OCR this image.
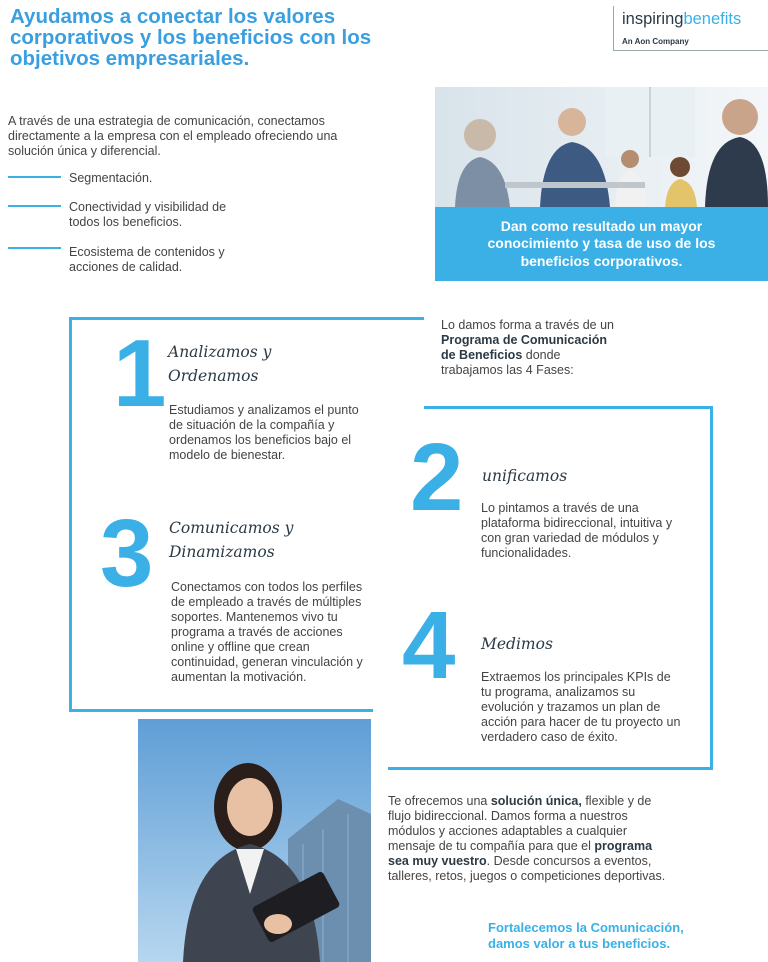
Ayudamos a conectar los valores corporativos y los beneficios con los objetivos empresariales.
inspiringbenefits
An Aon Company

A través de una estrategia de comunicación, conectamos directamente a la empresa con el empleado ofreciendo una solución única y diferencial.

Segmentación.
Conectividad y visibilidad de todos los beneficios.
Ecosistema de contenidos y acciones de calidad.
Dan como resultado un mayor conocimiento y tasa de uso de los beneficios corporativos.
Lo damos forma a través de un Programa de Comunicación de Beneficios donde trabajamos las 4 Fases:
1 Analizamos y Ordenamos
Estudiamos y analizamos el punto de situación de la compañía y ordenamos los beneficios bajo el modelo de bienestar.	2 unificamos
Lo pintamos a través de una plataforma bidireccional, intuitiva y con gran variedad de módulos y funcionalidades.
3 Comunicamos y Dinamizamos
Conectamos con todos los perfiles de empleado a través de múltiples soportes. Mantenemos vivo tu programa a través de acciones online y offline que crean continuidad, generan vinculación y aumentan la motivación. 4 Medimos
Extraemos los principales KPIs de tu programa, analizamos su evolución y trazamos un plan de acción para hacer de tu proyecto un verdadero caso de éxito.
Te ofrecemos una solución única, flexible y de flujo bidireccional. Damos forma a nuestros módulos y acciones adaptables a cualquier mensaje de tu compañía para que el programa sea muy vuestro. Desde concursos a eventos, talleres, retos, juegos o competiciones deportivas.
Fortalecemos la Comunicación, damos valor a tus beneficios.
